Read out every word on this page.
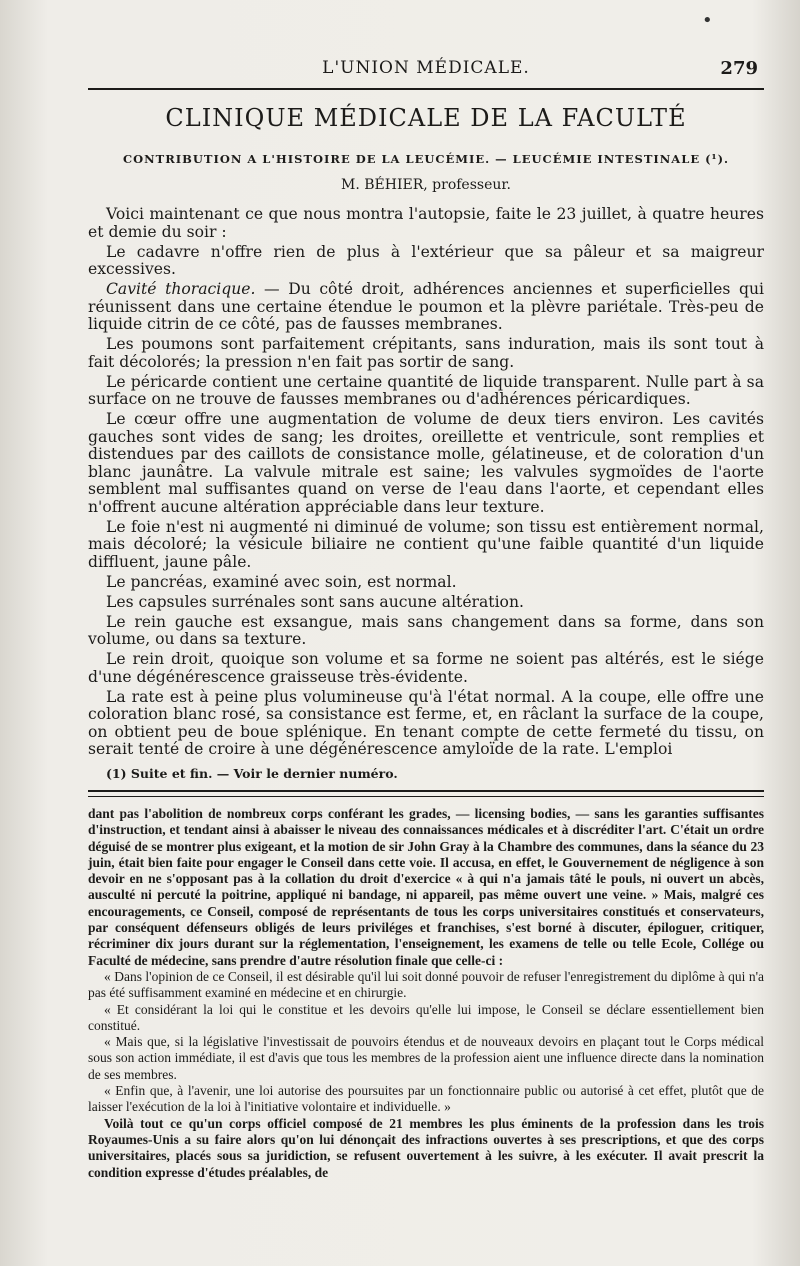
•
L'UNION MÉDICALE.	279
CLINIQUE MÉDICALE DE LA FACULTÉ
CONTRIBUTION A L'HISTOIRE DE LA LEUCÉMIE. — LEUCÉMIE INTESTINALE (¹).
M. BÉHIER, professeur.

Voici maintenant ce que nous montra l'autopsie, faite le 23 juillet, à quatre heures et demie du soir :

Le cadavre n'offre rien de plus à l'extérieur que sa pâleur et sa maigreur excessives.

Cavité thoracique. — Du côté droit, adhérences anciennes et superficielles qui réunissent dans une certaine étendue le poumon et la plèvre pariétale. Très-peu de liquide citrin de ce côté, pas de fausses membranes.

Les poumons sont parfaitement crépitants, sans induration, mais ils sont tout à fait décolorés; la pression n'en fait pas sortir de sang.

Le péricarde contient une certaine quantité de liquide transparent. Nulle part à sa surface on ne trouve de fausses membranes ou d'adhérences péricardiques.

Le cœur offre une augmentation de volume de deux tiers environ. Les cavités gauches sont vides de sang; les droites, oreillette et ventricule, sont remplies et distendues par des caillots de consistance molle, gélatineuse, et de coloration d'un blanc jaunâtre. La valvule mitrale est saine; les valvules sygmoïdes de l'aorte semblent mal suffisantes quand on verse de l'eau dans l'aorte, et cependant elles n'offrent aucune altération appréciable dans leur texture.

Le foie n'est ni augmenté ni diminué de volume; son tissu est entièrement normal, mais décoloré; la vésicule biliaire ne contient qu'une faible quantité d'un liquide diffluent, jaune pâle.

Le pancréas, examiné avec soin, est normal.

Les capsules surrénales sont sans aucune altération.

Le rein gauche est exsangue, mais sans changement dans sa forme, dans son volume, ou dans sa texture.

Le rein droit, quoique son volume et sa forme ne soient pas altérés, est le siége d'une dégénérescence graisseuse très-évidente.

La rate est à peine plus volumineuse qu'à l'état normal. A la coupe, elle offre une coloration blanc rosé, sa consistance est ferme, et, en râclant la surface de la coupe, on obtient peu de boue splénique. En tenant compte de cette fermeté du tissu, on serait tenté de croire à une dégénérescence amyloïde de la rate. L'emploi

(1) Suite et fin. — Voir le dernier numéro.

dant pas l'abolition de nombreux corps conférant les grades, — licensing bodies, — sans les garanties suffisantes d'instruction, et tendant ainsi à abaisser le niveau des connaissances médicales et à discréditer l'art. C'était un ordre déguisé de se montrer plus exigeant, et la motion de sir John Gray à la Chambre des communes, dans la séance du 23 juin, était bien faite pour engager le Conseil dans cette voie. Il accusa, en effet, le Gouvernement de négligence à son devoir en ne s'opposant pas à la collation du droit d'exercice « à qui n'a jamais tâté le pouls, ni ouvert un abcès, ausculté ni percuté la poitrine, appliqué ni bandage, ni appareil, pas même ouvert une veine. » Mais, malgré ces encouragements, ce Conseil, composé de représentants de tous les corps universitaires constitués et conservateurs, par conséquent défenseurs obligés de leurs priviléges et franchises, s'est borné à discuter, épiloguer, critiquer, récriminer dix jours durant sur la réglementation, l'enseignement, les examens de telle ou telle Ecole, Collége ou Faculté de médecine, sans prendre d'autre résolution finale que celle-ci :

« Dans l'opinion de ce Conseil, il est désirable qu'il lui soit donné pouvoir de refuser l'enregistrement du diplôme à qui n'a pas été suffisamment examiné en médecine et en chirurgie.

« Et considérant la loi qui le constitue et les devoirs qu'elle lui impose, le Conseil se déclare essentiellement bien constitué.

« Mais que, si la législative l'investissait de pouvoirs étendus et de nouveaux devoirs en plaçant tout le Corps médical sous son action immédiate, il est d'avis que tous les membres de la profession aient une influence directe dans la nomination de ses membres.

« Enfin que, à l'avenir, une loi autorise des poursuites par un fonctionnaire public ou autorisé à cet effet, plutôt que de laisser l'exécution de la loi à l'initiative volontaire et individuelle. »

Voilà tout ce qu'un corps officiel composé de 21 membres les plus éminents de la profession dans les trois Royaumes-Unis a su faire alors qu'on lui dénonçait des infractions ouvertes à ses prescriptions, et que des corps universitaires, placés sous sa juridiction, se refusent ouvertement à les suivre, à les exécuter. Il avait prescrit la condition expresse d'études préalables, de
